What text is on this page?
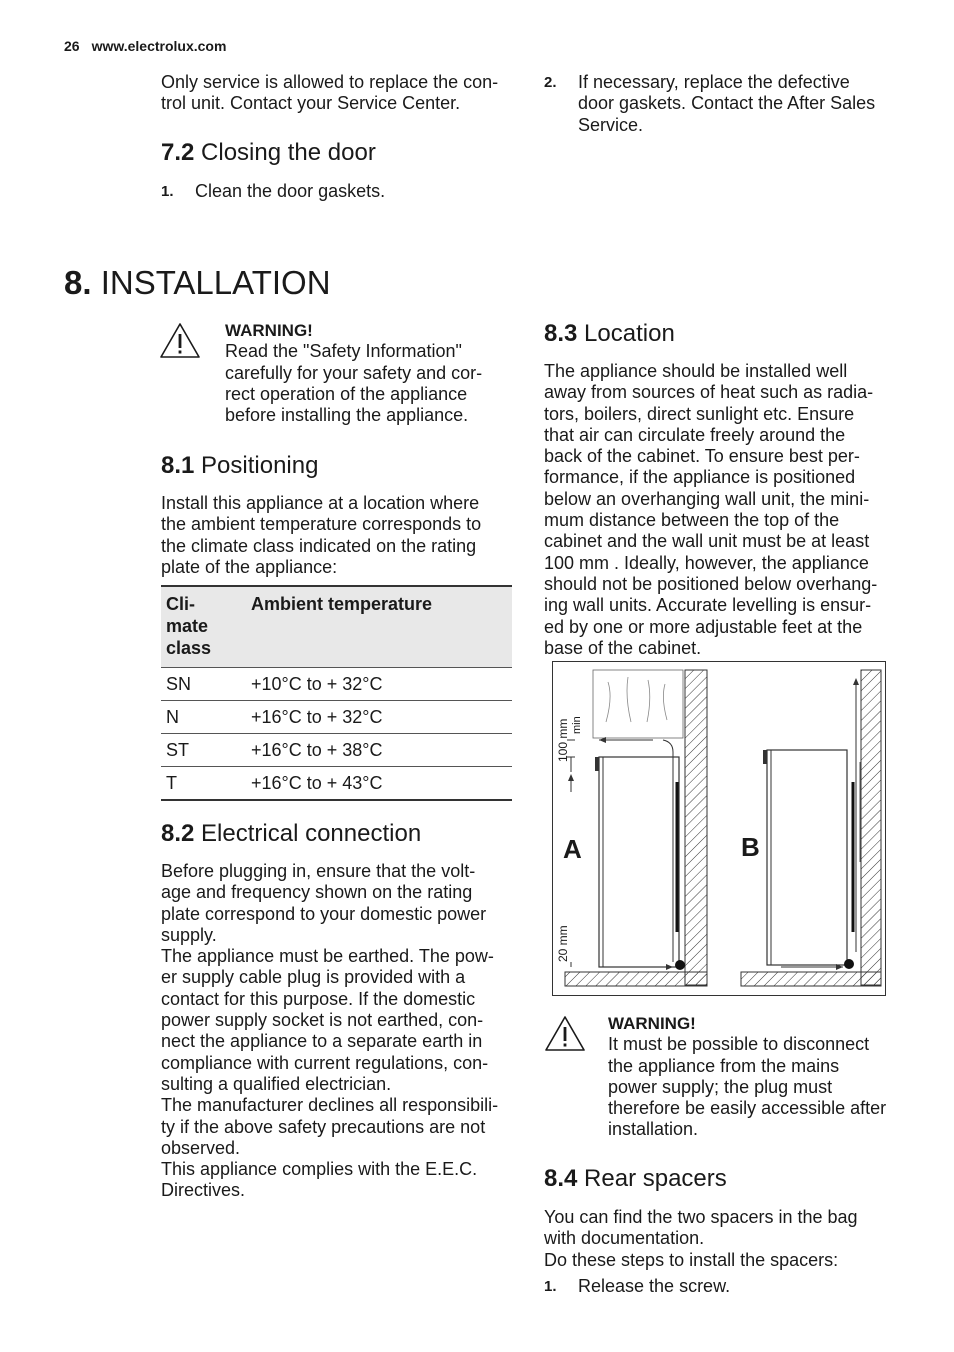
26 www.electrolux.com

Only service is allowed to replace the con-

trol unit. Contact your Service Center.

7.2 Closing the door
1.	Clean the door gaskets.
2.	If necessary, replace the defective
door gaskets. Contact the After Sales
Service.
8. INSTALLATION

WARNING!

Read the "Safety Information"

carefully for your safety and cor-

rect operation of the appliance

before installing the appliance.

8.1 Positioning

Install this appliance at a location where

the ambient temperature corresponds to

the climate class indicated on the rating

plate of the appliance:

Cli-
mate
class	Ambient temperature
SN	+10°C to + 32°C
N	+16°C to + 32°C
ST	+16°C to + 38°C
T	+16°C to + 43°C
8.2 Electrical connection

Before plugging in, ensure that the volt-

age and frequency shown on the rating

plate correspond to your domestic power

supply.

The appliance must be earthed. The pow-

er supply cable plug is provided with a

contact for this purpose. If the domestic

power supply socket is not earthed, con-

nect the appliance to a separate earth in

compliance with current regulations, con-

sulting a qualified electrician.

The manufacturer declines all responsibili-

ty if the above safety precautions are not

observed.

This appliance complies with the E.E.C.

Directives.

8.3 Location

The appliance should be installed well

away from sources of heat such as radia-

tors, boilers, direct sunlight etc. Ensure

that air can circulate freely around the

back of the cabinet. To ensure best per-

formance, if the appliance is positioned

below an overhanging wall unit, the mini-

mum distance between the top of the

cabinet and the wall unit must be at least

100 mm . Ideally, however, the appliance

should not be positioned below overhang-

ing wall units. Accurate levelling is ensur-

ed by one or more adjustable feet at the

base of the cabinet.

100 mm min
20 mm
A	B

WARNING!

It must be possible to disconnect

the appliance from the mains

power supply; the plug must

therefore be easily accessible after

installation.

8.4 Rear spacers

You can find the two spacers in the bag

with documentation.

Do these steps to install the spacers:

1.	Release the screw.
